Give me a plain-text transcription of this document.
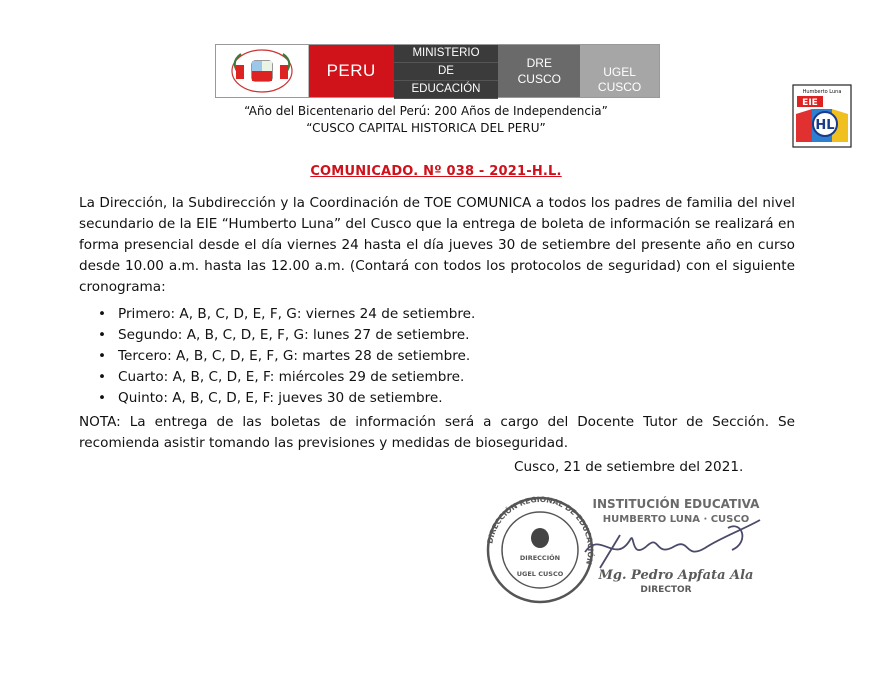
PERU
MINISTERIO
DE
EDUCACIÓN
DRE
CUSCO	UGEL
CUSCO
“Año del Bicentenario del Perú: 200 Años de Independencia”
“CUSCO CAPITAL HISTORICA DEL PERU”
Humberto Luna
EIE
HL
COMUNICADO. Nº 038 - 2021-H.L.
La Dirección, la Subdirección y la Coordinación de TOE COMUNICA a todos los padres de familia del nivel secundario de la EIE “Humberto Luna” del Cusco que la entrega de boleta de información se realizará en forma presencial desde el día viernes 24 hasta el día jueves 30 de setiembre del presente año en curso desde 10.00 a.m. hasta las 12.00 a.m. (Contará con todos los protocolos de seguridad) con el siguiente cronograma:
• Primero: A, B, C, D, E, F, G: viernes 24 de setiembre.
• Segundo: A, B, C, D, E, F, G: lunes 27 de setiembre.
• Tercero: A, B, C, D, E, F, G: martes 28 de setiembre.
• Cuarto: A, B, C, D, E, F: miércoles 29 de setiembre.
• Quinto: A, B, C, D, E, F: jueves 30 de setiembre.
NOTA: La entrega de las boletas de información será a cargo del Docente Tutor de Sección. Se recomienda asistir tomando las previsiones y medidas de bioseguridad.
Cusco, 21 de setiembre del 2021.
DIRECCIÓN REGIONAL DE EDUCACIÓN
DIRECCIÓN
UGEL CUSCO
INSTITUCIÓN EDUCATIVA
HUMBERTO LUNA · CUSCO
Mg. Pedro Apfata Ala
DIRECTOR
